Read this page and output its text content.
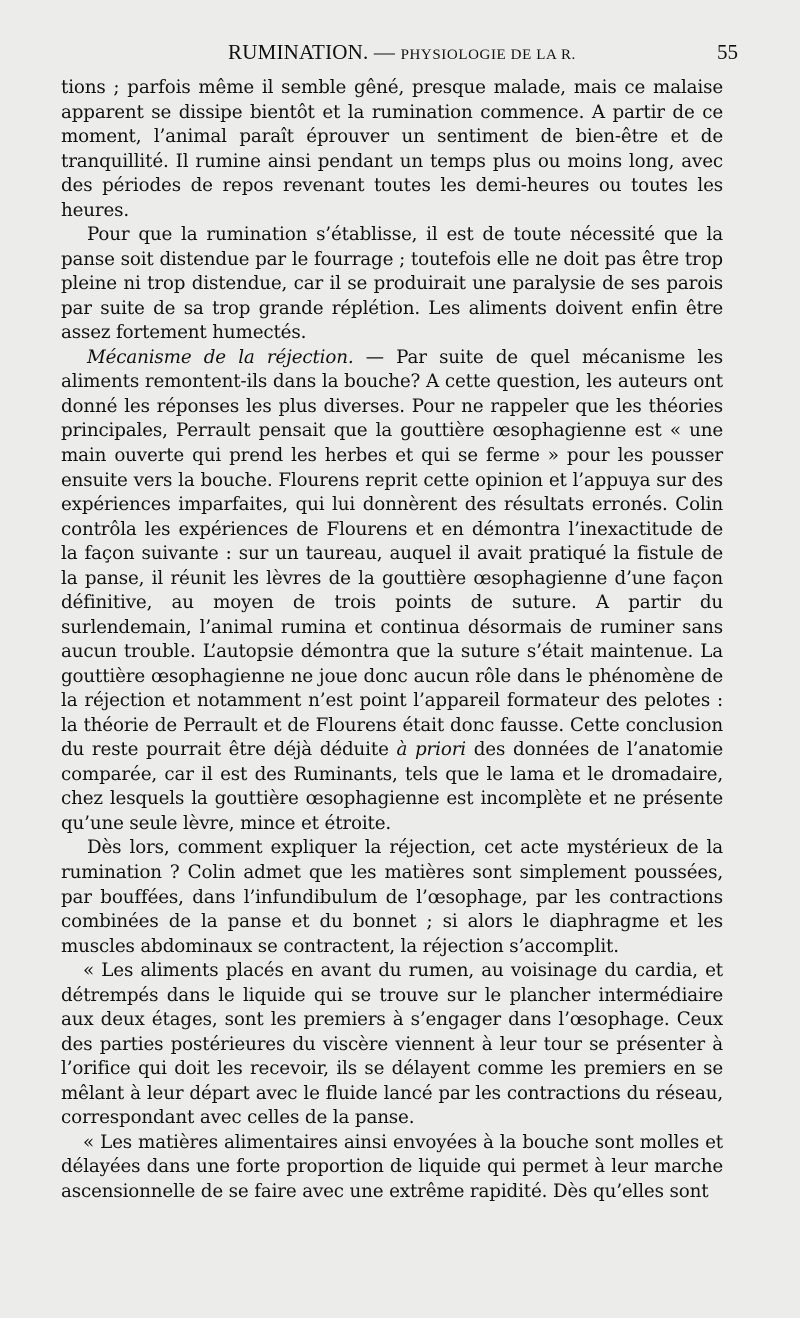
RUMINATION. — PHYSIOLOGIE DE LA R.	55

tions ; parfois même il semble gêné, presque malade, mais ce malaise apparent se dissipe bientôt et la rumination commence. A partir de ce moment, l’animal paraît éprouver un sentiment de bien-être et de tranquillité. Il rumine ainsi pendant un temps plus ou moins long, avec des périodes de repos revenant toutes les demi-heures ou toutes les heures.

Pour que la rumination s’établisse, il est de toute nécessité que la panse soit distendue par le fourrage ; toutefois elle ne doit pas être trop pleine ni trop distendue, car il se produirait une paralysie de ses parois par suite de sa trop grande réplétion. Les aliments doivent enfin être assez fortement humectés.

Mécanisme de la réjection. — Par suite de quel mécanisme les aliments remontent-ils dans la bouche? A cette question, les auteurs ont donné les réponses les plus diverses. Pour ne rappeler que les théories principales, Perrault pensait que la gouttière œsophagienne est « une main ouverte qui prend les herbes et qui se ferme » pour les pousser ensuite vers la bouche. Flourens reprit cette opinion et l’appuya sur des expériences imparfaites, qui lui donnèrent des résultats erronés. Colin contrôla les expériences de Flourens et en démontra l’inexactitude de la façon suivante : sur un taureau, auquel il avait pratiqué la fistule de la panse, il réunit les lèvres de la gouttière œsophagienne d’une façon définitive, au moyen de trois points de suture. A partir du surlendemain, l’animal rumina et continua désormais de ruminer sans aucun trouble. L’autopsie démontra que la suture s’était maintenue. La gouttière œsophagienne ne joue donc aucun rôle dans le phénomène de la réjection et notamment n’est point l’appareil formateur des pelotes : la théorie de Perrault et de Flourens était donc fausse. Cette conclusion du reste pourrait être déjà déduite à priori des données de l’anatomie comparée, car il est des Ruminants, tels que le lama et le dromadaire, chez lesquels la gouttière œsophagienne est incomplète et ne présente qu’une seule lèvre, mince et étroite.

Dès lors, comment expliquer la réjection, cet acte mystérieux de la rumination ? Colin admet que les matières sont simplement poussées, par bouffées, dans l’infundibulum de l’œsophage, par les contractions combinées de la panse et du bonnet ; si alors le diaphragme et les muscles abdominaux se contractent, la réjection s’accomplit.

« Les aliments placés en avant du rumen, au voisinage du cardia, et détrempés dans le liquide qui se trouve sur le plancher intermédiaire aux deux étages, sont les premiers à s’engager dans l’œsophage. Ceux des parties postérieures du viscère viennent à leur tour se présenter à l’orifice qui doit les recevoir, ils se délayent comme les premiers en se mêlant à leur départ avec le fluide lancé par les contractions du réseau, correspondant avec celles de la panse.

« Les matières alimentaires ainsi envoyées à la bouche sont molles et délayées dans une forte proportion de liquide qui permet à leur marche ascensionnelle de se faire avec une extrême rapidité. Dès qu’elles sont
